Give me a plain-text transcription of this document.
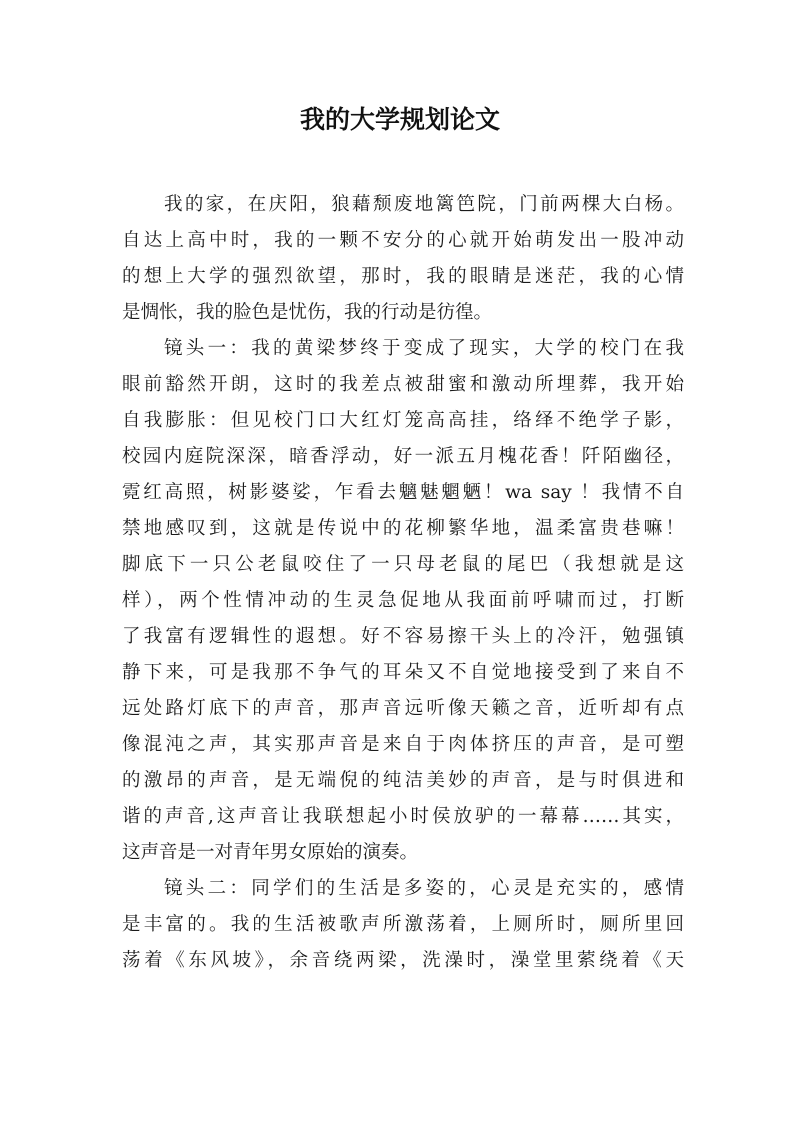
我的大学规划论文
我的家，在庆阳，狼藉颓废地篱笆院，门前两棵大白杨。
自达上高中时，我的一颗不安分的心就开始萌发出一股冲动
的想上大学的强烈欲望，那时，我的眼睛是迷茫，我的心情
是惆怅，我的脸色是忧伤，我的行动是彷徨。
镜头一：我的黄梁梦终于变成了现实，大学的校门在我
眼前豁然开朗，这时的我差点被甜蜜和激动所埋葬，我开始
自我膨胀：但见校门口大红灯笼高高挂，络绎不绝学子影，
校园内庭院深深，暗香浮动，好一派五月槐花香！阡陌幽径，
霓红高照，树影婆娑，乍看去魑魅魍魉！wa say ！我情不自
禁地感叹到，这就是传说中的花柳繁华地，温柔富贵巷嘛！
脚底下一只公老鼠咬住了一只母老鼠的尾巴（我想就是这
样），两个性情冲动的生灵急促地从我面前呼啸而过，打断
了我富有逻辑性的遐想。好不容易擦干头上的冷汗，勉强镇
静下来，可是我那不争气的耳朵又不自觉地接受到了来自不
远处路灯底下的声音，那声音远听像天籁之音，近听却有点
像混沌之声，其实那声音是来自于肉体挤压的声音，是可塑
的激昂的声音，是无端倪的纯洁美妙的声音，是与时俱进和
谐的声音,这声音让我联想起小时侯放驴的一幕幕……其实，
这声音是一对青年男女原始的演奏。
镜头二：同学们的生活是多姿的，心灵是充实的，感情
是丰富的。我的生活被歌声所激荡着，上厕所时，厕所里回
荡着《东风坡》，余音绕两梁，洗澡时，澡堂里萦绕着《天
